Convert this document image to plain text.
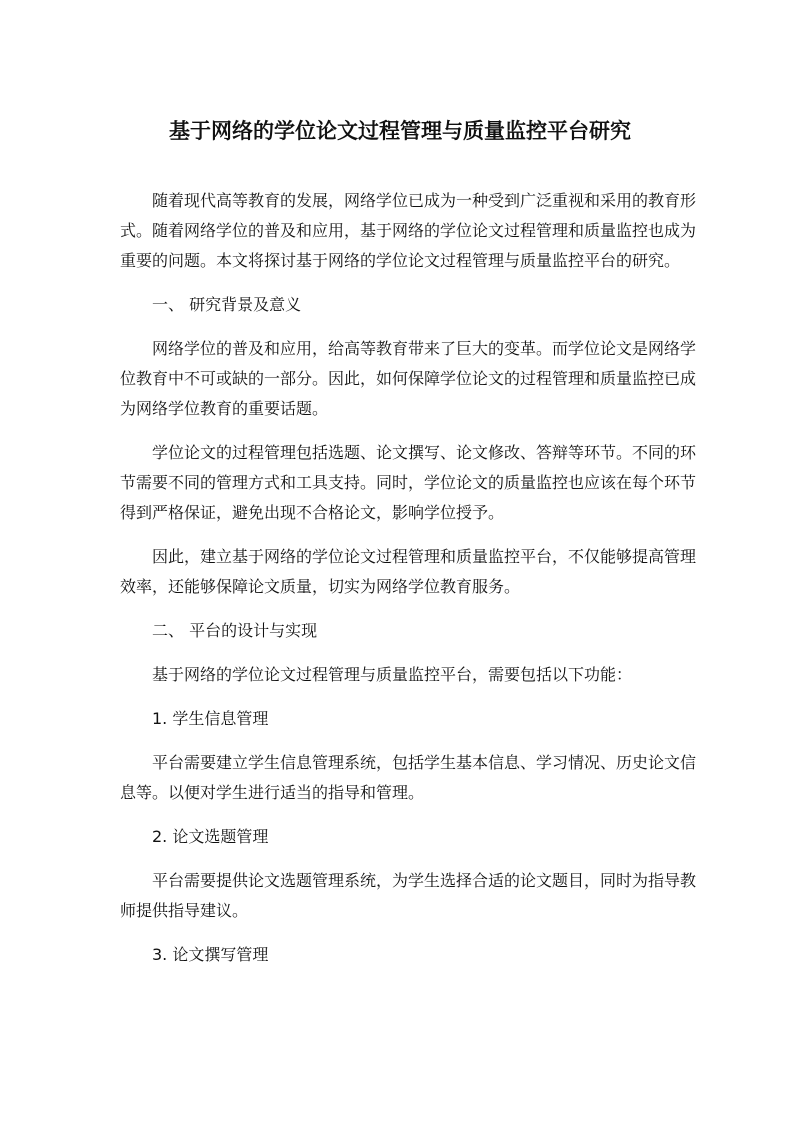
基于网络的学位论文过程管理与质量监控平台研究

随着现代高等教育的发展，网络学位已成为一种受到广泛重视和采用的教育形式。随着网络学位的普及和应用，基于网络的学位论文过程管理和质量监控也成为重要的问题。本文将探讨基于网络的学位论文过程管理与质量监控平台的研究。

一、 研究背景及意义

网络学位的普及和应用，给高等教育带来了巨大的变革。而学位论文是网络学位教育中不可或缺的一部分。因此，如何保障学位论文的过程管理和质量监控已成为网络学位教育的重要话题。

学位论文的过程管理包括选题、论文撰写、论文修改、答辩等环节。不同的环节需要不同的管理方式和工具支持。同时，学位论文的质量监控也应该在每个环节得到严格保证，避免出现不合格论文，影响学位授予。

因此，建立基于网络的学位论文过程管理和质量监控平台，不仅能够提高管理效率，还能够保障论文质量，切实为网络学位教育服务。

二、 平台的设计与实现

基于网络的学位论文过程管理与质量监控平台，需要包括以下功能：

1. 学生信息管理

平台需要建立学生信息管理系统，包括学生基本信息、学习情况、历史论文信息等。以便对学生进行适当的指导和管理。

2. 论文选题管理

平台需要提供论文选题管理系统，为学生选择合适的论文题目，同时为指导教师提供指导建议。

3. 论文撰写管理
